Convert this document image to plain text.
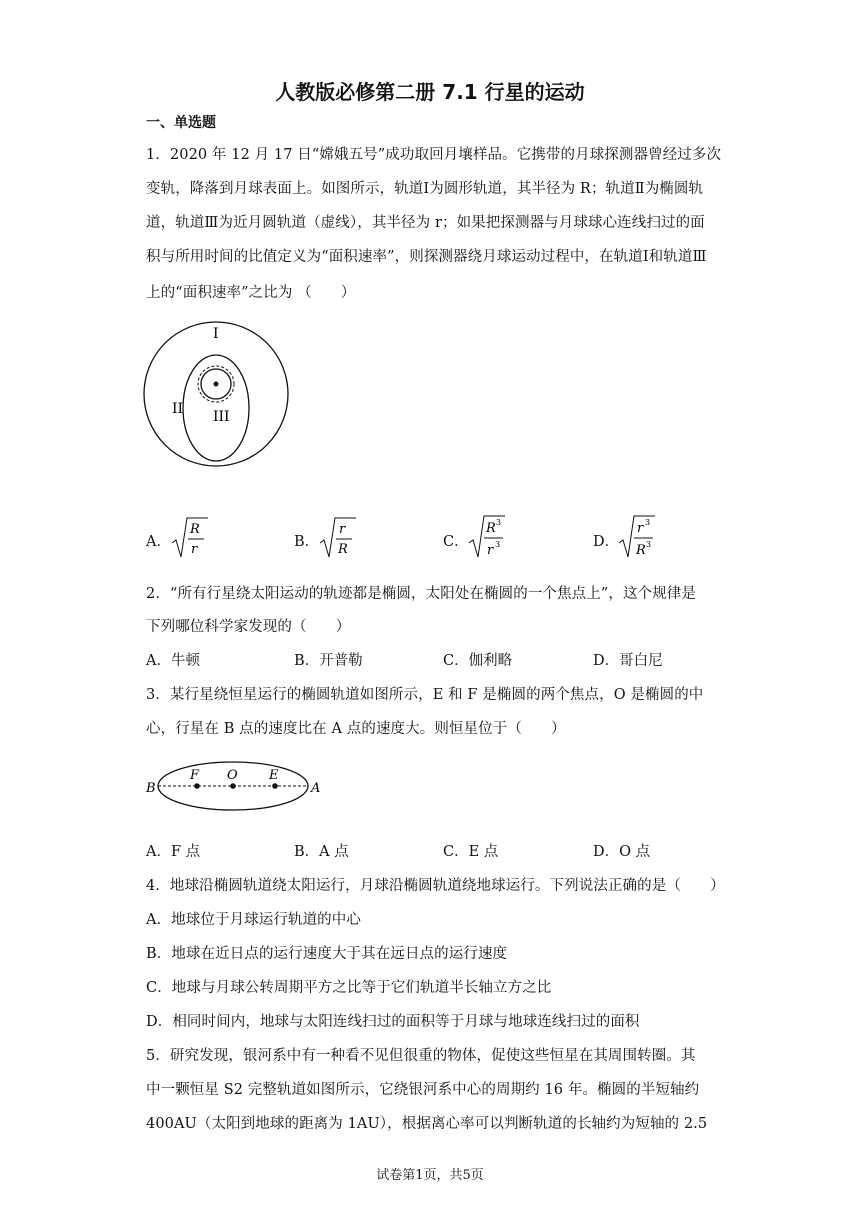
人教版必修第二册 7.1 行星的运动
一、单选题
1．2020 年 12 月 17 日“嫦娥五号”成功取回月壤样品。它携带的月球探测器曾经过多次
变轨，降落到月球表面上。如图所示，轨道Ⅰ为圆形轨道，其半径为 R；轨道Ⅱ为椭圆轨
道，轨道Ⅲ为近月圆轨道（虚线），其半径为 r；如果把探测器与月球球心连线扫过的面
积与所用时间的比值定义为“面积速率”，则探测器绕月球运动过程中，在轨道Ⅰ和轨道Ⅲ
上的“面积速率”之比为 （　　）
I
II III
A．
R
r	B．
r
R	C．
R 3
r 3	D．
r 3
R 3
2．“所有行星绕太阳运动的轨迹都是椭圆，太阳处在椭圆的一个焦点上”，这个规律是
下列哪位科学家发现的（　　）
A．牛顿	B．开普勒	C．伽利略	D．哥白尼
3．某行星绕恒星运行的椭圆轨道如图所示，E 和 F 是椭圆的两个焦点，O 是椭圆的中
心，行星在 B 点的速度比在 A 点的速度大。则恒星位于（　　）
B
F O E
A
A．F 点	B．A 点	C．E 点	D．O 点
4．地球沿椭圆轨道绕太阳运行，月球沿椭圆轨道绕地球运行。下列说法正确的是（　　）
A．地球位于月球运行轨道的中心
B．地球在近日点的运行速度大于其在远日点的运行速度
C．地球与月球公转周期平方之比等于它们轨道半长轴立方之比
D．相同时间内，地球与太阳连线扫过的面积等于月球与地球连线扫过的面积
5．研究发现，银河系中有一种看不见但很重的物体，促使这些恒星在其周围转圈。其
中一颗恒星 S2 完整轨道如图所示，它绕银河系中心的周期约 16 年。椭圆的半短轴约
400AU（太阳到地球的距离为 1AU），根据离心率可以判断轨道的长轴约为短轴的 2.5
试卷第1页，共5页
